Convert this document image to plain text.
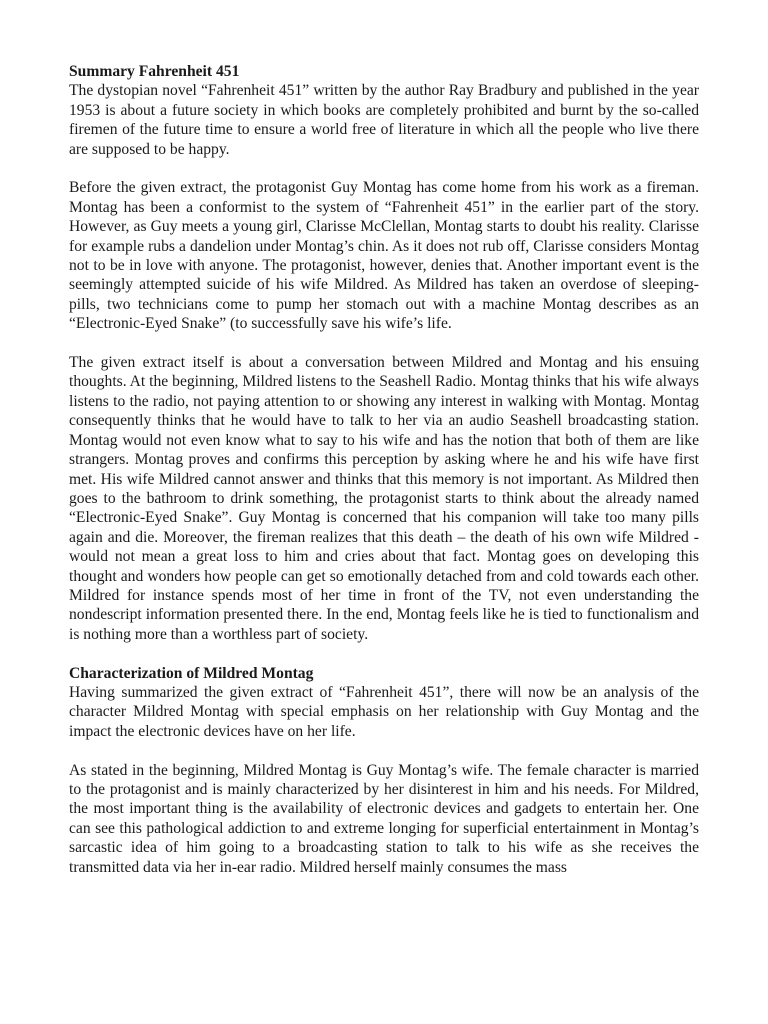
Summary Fahrenheit 451

The dystopian novel “Fahrenheit 451” written by the author Ray Bradbury and published in the year 1953 is about a future society in which books are completely prohibited and burnt by the so-called firemen of the future time to ensure a world free of literature in which all the people who live there are supposed to be happy.

Before the given extract, the protagonist Guy Montag has come home from his work as a fireman. Montag has been a conformist to the system of “Fahrenheit 451” in the earlier part of the story. However, as Guy meets a young girl, Clarisse McClellan, Montag starts to doubt his reality. Clarisse for example rubs a dandelion under Montag’s chin. As it does not rub off, Clarisse considers Montag not to be in love with anyone. The protagonist, however, denies that. Another important event is the seemingly attempted suicide of his wife Mildred. As Mildred has taken an overdose of sleeping-pills, two technicians come to pump her stomach out with a machine Montag describes as an “Electronic-Eyed Snake” (to successfully save his wife’s life.

The given extract itself is about a conversation between Mildred and Montag and his ensuing thoughts. At the beginning, Mildred listens to the Seashell Radio. Montag thinks that his wife always listens to the radio, not paying attention to or showing any interest in walking with Montag. Montag consequently thinks that he would have to talk to her via an audio Seashell broadcasting station. Montag would not even know what to say to his wife and has the notion that both of them are like strangers. Montag proves and confirms this perception by asking where he and his wife have first met. His wife Mildred cannot answer and thinks that this memory is not important. As Mildred then goes to the bathroom to drink something, the protagonist starts to think about the already named “Electronic-Eyed Snake”. Guy Montag is concerned that his companion will take too many pills again and die. Moreover, the fireman realizes that this death – the death of his own wife Mildred - would not mean a great loss to him and cries about that fact. Montag goes on developing this thought and wonders how people can get so emotionally detached from and cold towards each other. Mildred for instance spends most of her time in front of the TV, not even understanding the nondescript information presented there. In the end, Montag feels like he is tied to functionalism and is nothing more than a worthless part of society.

Characterization of Mildred Montag

Having summarized the given extract of “Fahrenheit 451”, there will now be an analysis of the character Mildred Montag with special emphasis on her relationship with Guy Montag and the impact the electronic devices have on her life.

As stated in the beginning, Mildred Montag is Guy Montag’s wife. The female character is married to the protagonist and is mainly characterized by her disinterest in him and his needs. For Mildred, the most important thing is the availability of electronic devices and gadgets to entertain her. One can see this pathological addiction to and extreme longing for superficial entertainment in Montag’s sarcastic idea of him going to a broadcasting station to talk to his wife as she receives the transmitted data via her in-ear radio. Mildred herself mainly consumes the mass
